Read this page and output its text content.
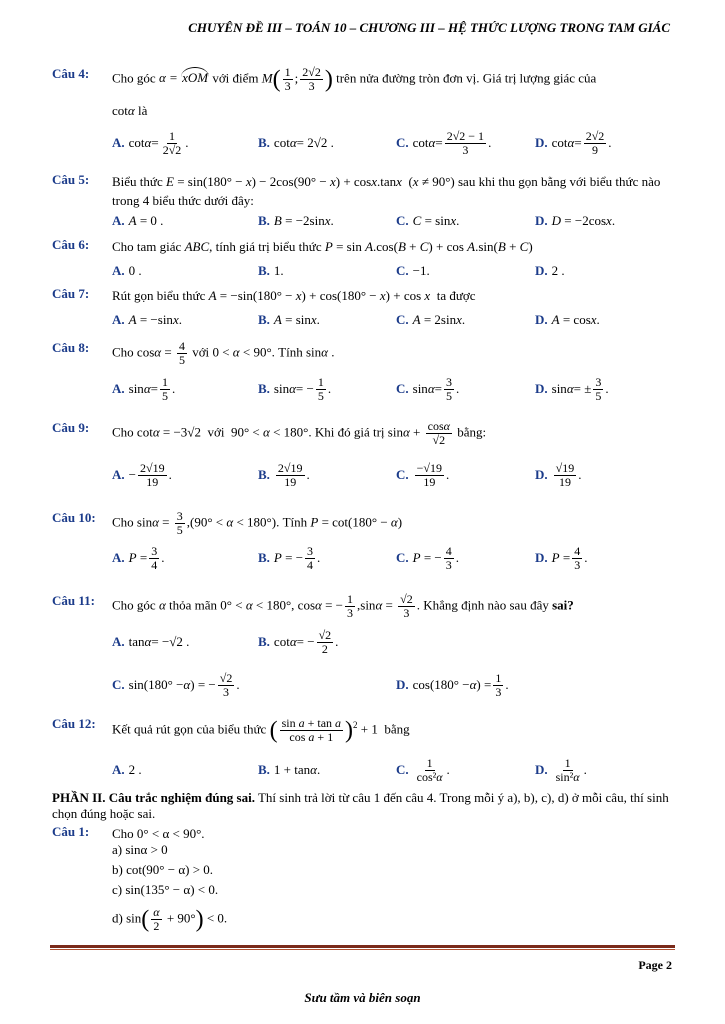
CHUYÊN ĐỀ III – TOÁN 10 – CHƯƠNG III – HỆ THỨC LƯỢNG TRONG TAM GIÁC
Câu 4: Cho góc α = xOM với điểm $M( \frac{1}{3}$ ; $\frac{2√2}{3}$ ) trên nửa đường tròn đơn vị. Giá trị lượng giác của
cotα là
A. $\cot \alpha = \frac{1}{2√2}$ .	B. cot α = 2√2 .	C. $\cot \alpha = \frac{2√2 - 1}{3}$ .	D. $\cot \alpha = \frac{2√2}{9}$ .
Câu 5: Biểu thức E = sin(180° − x) − 2cos(90° − x) + cosx.tanx  (x ≠ 90°) sau khi thu gọn bằng với biểu thức nào trong 4 biểu thức dưới đây:
A. A = 0 .	B. B = −2sin x .	C. C = sin x .	D. D = −2cos x .
Câu 6: Cho tam giác ABC, tính giá trị biểu thức P = sin A.cos(B + C) + cos A.sin(B + C)
A. 0 .	B. 1.	C. −1.	D. 2 .
Câu 7: Rút gọn biểu thức A = −sin(180° − x) + cos(180° − x) + cos x ta được
A. A = −sin x .	B. A = sin x .	C. A = 2sin x .	D. A = cos x .
Câu 8: Cho $\cos\alpha = \frac{4}{5}$ với 0 < α < 90°. Tính sinα .
A. $\sin \alpha = \frac{1}{5}$ .	B. sin α = − $\frac{1}{5}$ .	C. $\sin \alpha = \frac{3}{5}$ .	D. sin α = ± $\frac{3}{5}$ .
Câu 9: Cho cotα = −3√2  với  90° < α < 180°. Khi đó giá trị $\sin\alpha + \frac{\cos\alpha}{√2}$ bằng:
A. − $\frac{2√19}{19}$ .	B. $\frac{2√19}{19}$ .	C. $\frac{-√19}{19}$ .	D. $\frac{√19}{19}$ .
Câu 10: Cho $\sin\alpha = \frac{3}{5} ,(90^\circ < \alpha < 180^\circ)$. Tính P = cot(180° − α)
A. $P = \frac{3}{4}$ .	B. P = − $\frac{3}{4}$ .	C. P = − $\frac{4}{3}$ .	D. $P = \frac{4}{3}$ .
Câu 11: Cho góc α thỏa mãn 0° < α < 180°, cosα = − $\frac{1}{3} ,\sin\alpha = \frac{√2}{3}$ . Khẳng định nào sau đây sai?
A. tan α = −√2 .	B. cot α = − $\frac{√2}{2}$ .
C. sin(180° − α ) = − $\frac{√2}{3}$ .	D. cos(180° − α ) = $\frac{1}{3}$ .
Câu 12: Kết quả rút gọn của biểu thức ( $\frac{\text{sin a + tan a}}{\text{cos a + 1}} )^2 + 1$  bằng
A. 2 .	B. 1 + tan α .	C. $\frac{1}{\text{cos²α}}$ .	D. $\frac{1}{\text{sin²α}}$ .
PHẦN II. Câu trắc nghiệm đúng sai. Thí sinh trả lời từ câu 1 đến câu 4. Trong mỗi ý a), b), c), d) ở mỗi câu, thí sinh chọn đúng hoặc sai.
Câu 1: Cho 0° < α < 90°.
a) sinα > 0
b) cot(90° − α) > 0.
c) sin(135° − α) < 0.
d) $\sin( \frac{\alpha}{2} + 90^\circ) < 0$.
Page 2
Sưu tầm và biên soạn
